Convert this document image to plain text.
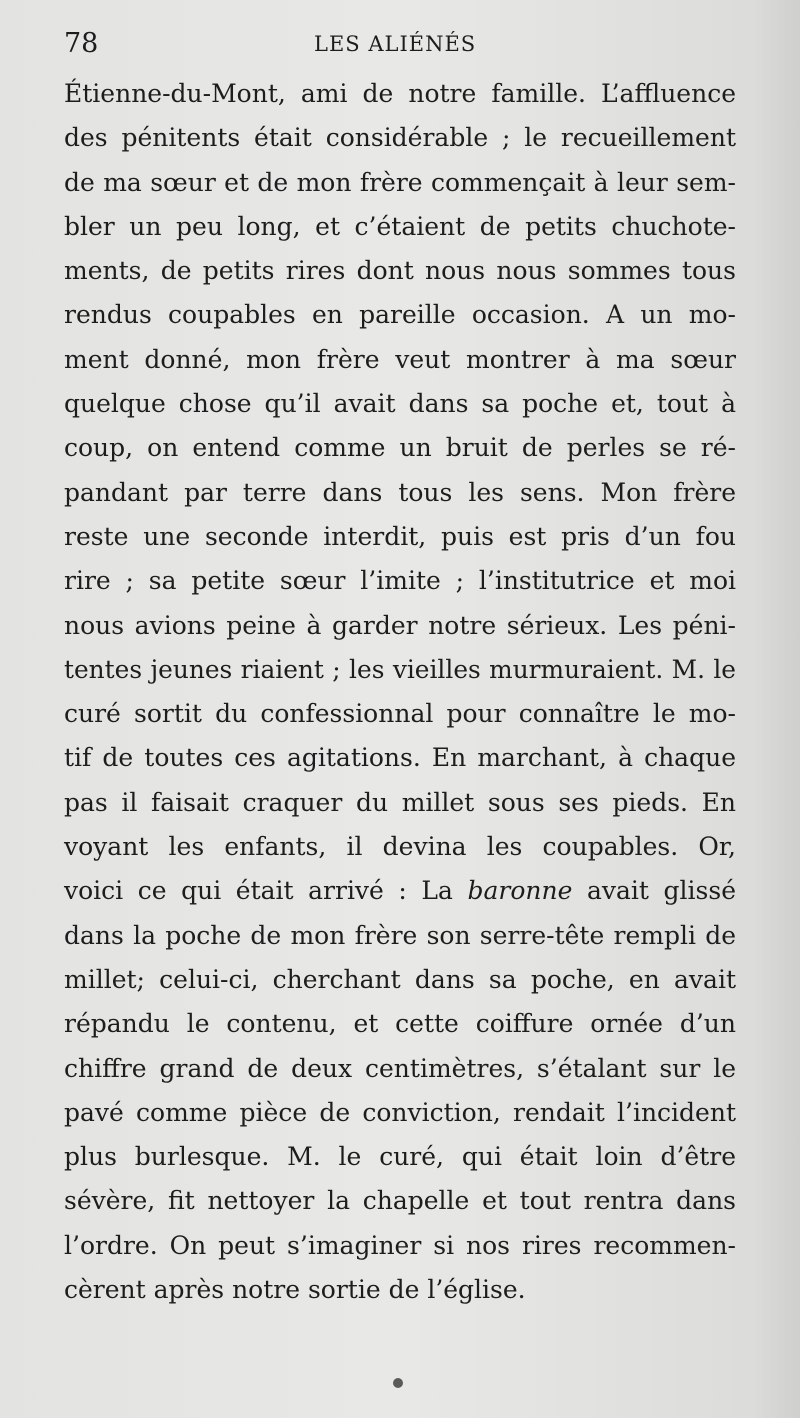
78	LES ALIÉNÉS
Étienne-du-Mont, ami de notre famille. L’affluence
des pénitents était considérable ; le recueillement
de ma sœur et de mon frère commençait à leur sem-
bler un peu long, et c’étaient de petits chuchote-
ments, de petits rires dont nous nous sommes tous
rendus coupables en pareille occasion. A un mo-
ment donné, mon frère veut montrer à ma sœur
quelque chose qu’il avait dans sa poche et, tout à
coup, on entend comme un bruit de perles se ré-
pandant par terre dans tous les sens. Mon frère
reste une seconde interdit, puis est pris d’un fou
rire ; sa petite sœur l’imite ; l’institutrice et moi
nous avions peine à garder notre sérieux. Les péni-
tentes jeunes riaient ; les vieilles murmuraient. M. le
curé sortit du confessionnal pour connaître le mo-
tif de toutes ces agitations. En marchant, à chaque
pas il faisait craquer du millet sous ses pieds. En
voyant les enfants, il devina les coupables. Or,
voici ce qui était arrivé : La baronne avait glissé
dans la poche de mon frère son serre-tête rempli de
millet; celui-ci, cherchant dans sa poche, en avait
répandu le contenu, et cette coiffure ornée d’un
chiffre grand de deux centimètres, s’étalant sur le
pavé comme pièce de conviction, rendait l’incident
plus burlesque. M. le curé, qui était loin d’être
sévère, fit nettoyer la chapelle et tout rentra dans
l’ordre. On peut s’imaginer si nos rires recommen-
cèrent après notre sortie de l’église.
